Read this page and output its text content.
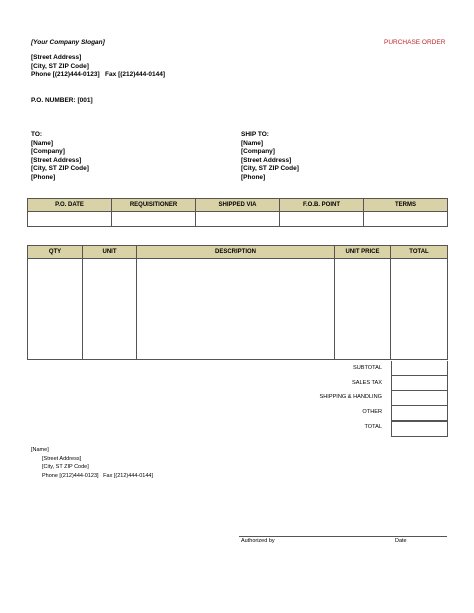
[Your Company Slogan]	PURCHASE ORDER
[Street Address]
[City, ST ZIP Code]
Phone [(212)444-0123]   Fax [(212)444-0144]
P.O. NUMBER: [001]
TO:
[Name]
[Company]
[Street Address]
[City, ST ZIP Code]
[Phone]
SHIP TO:
[Name]
[Company]
[Street Address]
[City, ST ZIP Code]
[Phone]
P.O. DATE	REQUISITIONER	SHIPPED VIA	F.O.B. POINT	TERMS

QTY	UNIT	DESCRIPTION	UNIT PRICE	TOTAL

SUBTOTAL
SALES TAX
SHIPPING & HANDLING
OTHER
TOTAL
[Name]
[Street Address]
[City, ST ZIP Code]
Phone [(212)444-0123]   Fax [(212)444-0144]
Authorized by	Date
